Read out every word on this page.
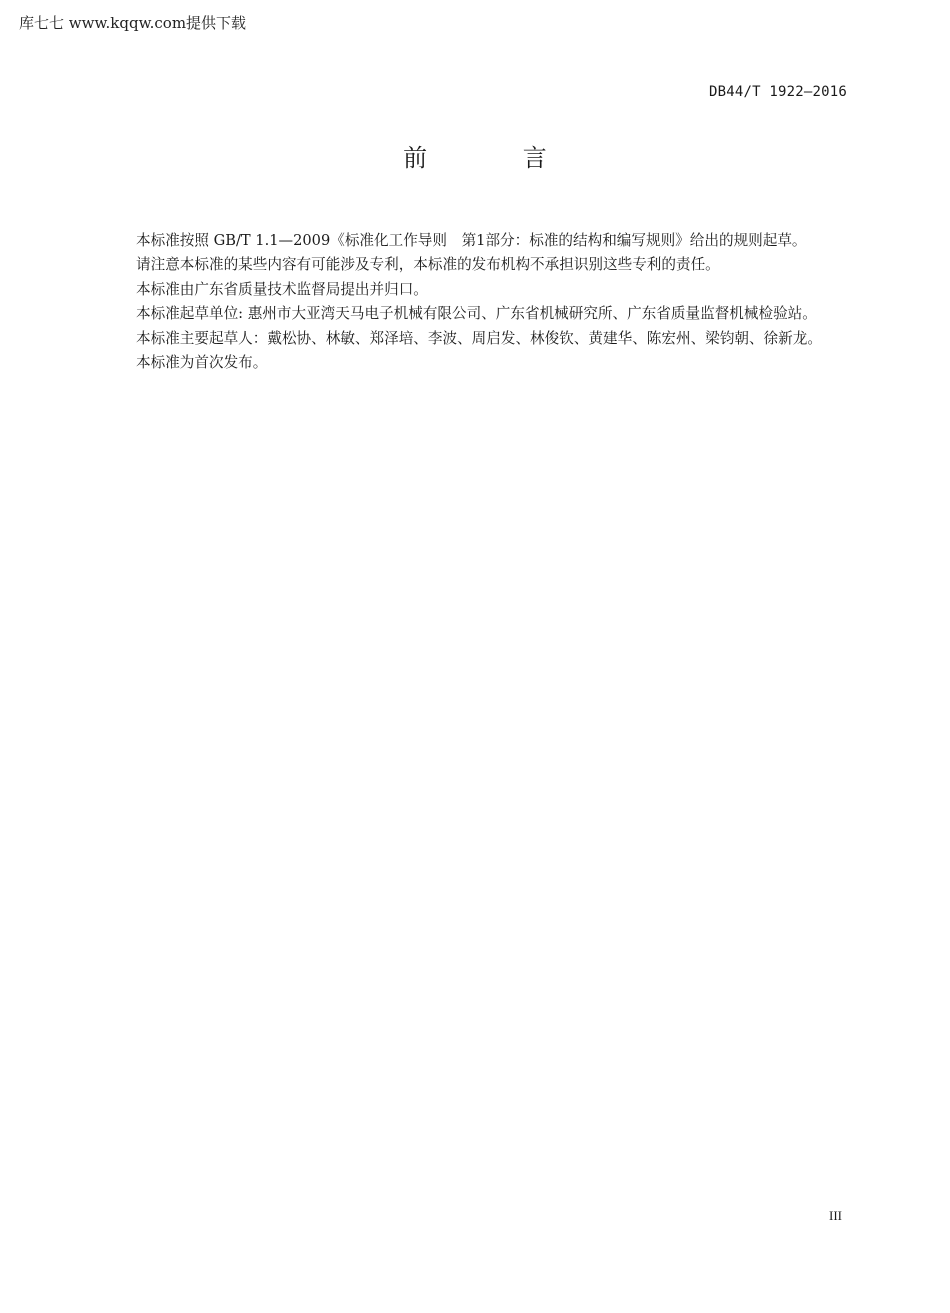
库七七 www.kqqw.com提供下载
DB44/T 1922—2016
前 言

本标准按照 GB/T 1.1—2009《标准化工作导则　第1部分：标准的结构和编写规则》给出的规则起草。

请注意本标准的某些内容有可能涉及专利，本标准的发布机构不承担识别这些专利的责任。

本标准由广东省质量技术监督局提出并归口。

本标准起草单位: 惠州市大亚湾天马电子机械有限公司、广东省机械研究所、广东省质量监督机械检验站。

本标准主要起草人：戴松协、林敏、郑泽培、李波、周启发、林俊钦、黄建华、陈宏州、梁钧朝、徐新龙。

本标准为首次发布。

III
